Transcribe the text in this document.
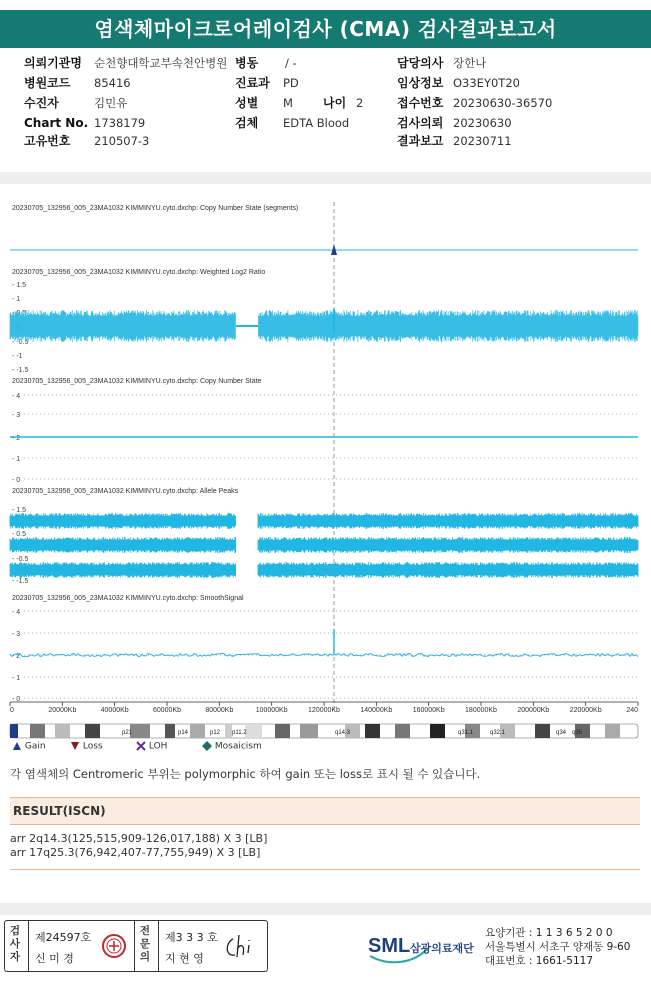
염색체마이크로어레이검사 (CMA) 검사결과보고서
의뢰기관명 순천향대학교부속천안병원 병동 / -	담당의사 장한나
병원코드 85416	진료과 PD	임상정보 O33EY0T20
수진자	김민유	성별 M	나이 2	접수번호 20230630-36570
Chart No. 1738179	검체 EDTA Blood	검사의뢰 20230630
고유번호 210507-3	결과보고 20230711
20230705_132956_005_23MA1032 KIMMINYU.cyto.dxchp: Copy Number State (segments)
20230705_132956_005_23MA1032 KIMMINYU.cyto.dxchp: Weighted Log2 Ratio
20230705_132956_005_23MA1032 KIMMINYU.cyto.dxchp: Copy Number State
20230705_132956_005_23MA1032 KIMMINYU.cyto.dxchp: Allele Peaks
20230705_132956_005_23MA1032 KIMMINYU.cyto.dxchp: SmoothSignal
- 1.5
- 1
- 0.5
- 0
- -0.5
- -1
- -1.5
- 4
- 3
- 2
- 1
- 0
- 1.5
- 1
- 0.5
- 0
- -0.5
- -1
- -1.5
- 4
- 3
- 2
- 1
- 0
0	20000Kb	40000Kb	60000Kb	80000Kb	100000Kb	120000Kb	140000Kb	160000Kb	180000Kb	200000Kb	220000Kb	240
p21	p14	p12 p11.2	q14.3	q31.1	q32.1	q34 q35
Gain	Loss	LOH	Mosaicism
각 염색체의 Centromeric 부위는 polymorphic 하여 gain 또는 loss로 표시 될 수 있습니다.
RESULT(ISCN)
arr 2q14.3(125,515,909-126,017,188) X 3 [LB]
arr 17q25.3(76,942,407-77,755,949) X 3 [LB]
검
사
자
제24597호
신 미 경
전
문
의
제3 3 3 호
지 현 영
SML 삼광의료재단
요양기관 : 1 1 3 6 5 2 0 0
서울특별시 서초구 양재동 9-60
대표번호 : 1661-5117
